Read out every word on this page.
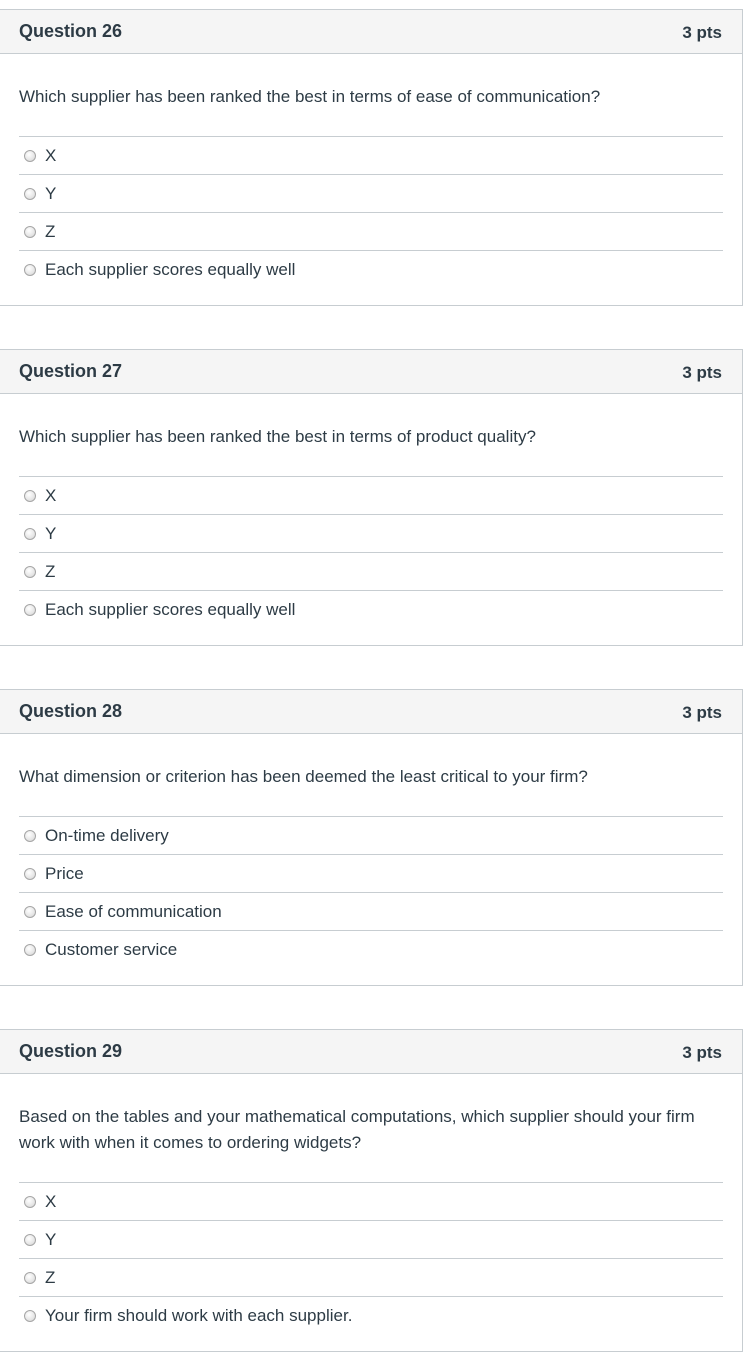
Question 26	3 pts

Which supplier has been ranked the best in terms of ease of communication?

X
Y
Z
Each supplier scores equally well
Question 27	3 pts

Which supplier has been ranked the best in terms of product quality?

X
Y
Z
Each supplier scores equally well
Question 28	3 pts

What dimension or criterion has been deemed the least critical to your firm?

On-time delivery
Price
Ease of communication
Customer service
Question 29	3 pts

Based on the tables and your mathematical computations, which supplier should your firm work with when it comes to ordering widgets?

X
Y
Z
Your firm should work with each supplier.
